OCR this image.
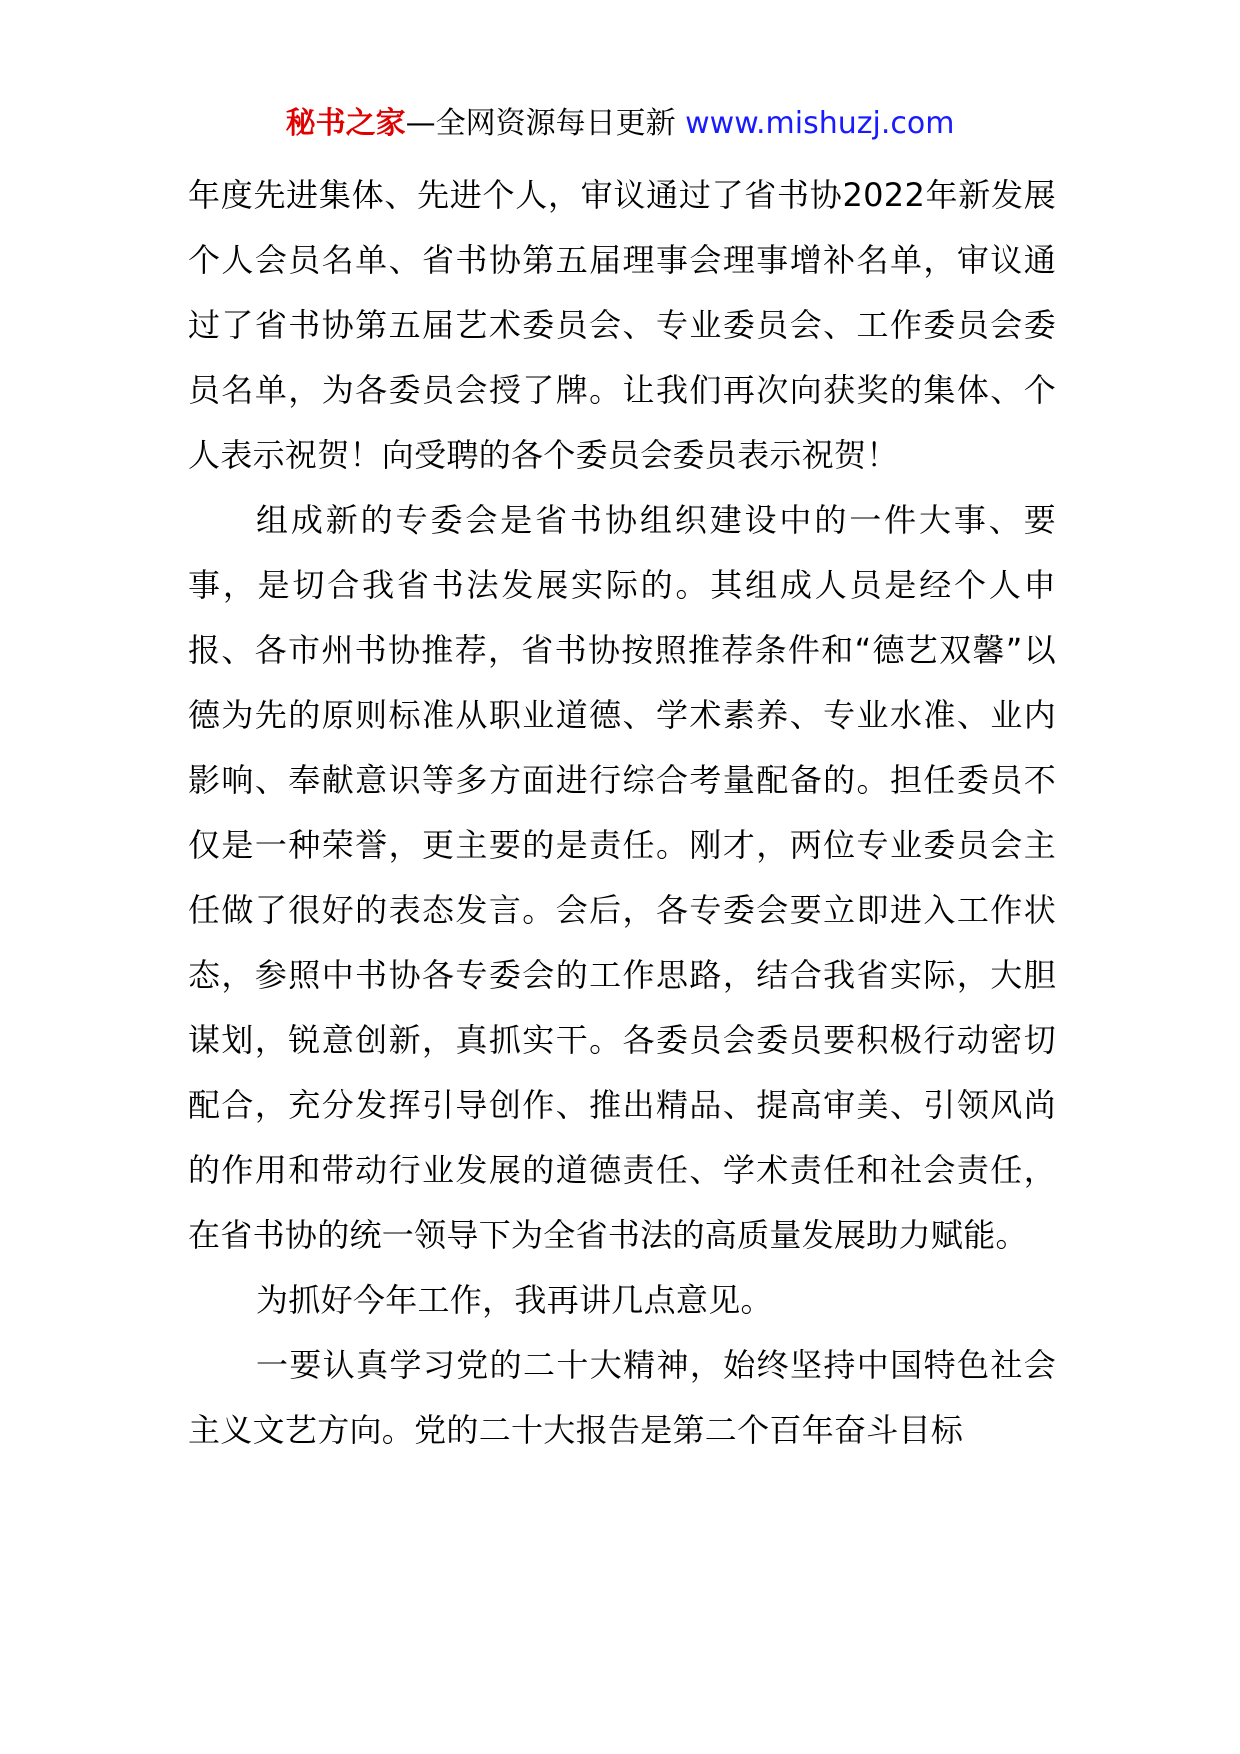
秘书之家—全网资源每日更新 www.mishuzj.com

年度先进集体、先进个人，审议通过了省书协2022年新发展个人会员名单、省书协第五届理事会理事增补名单，审议通过了省书协第五届艺术委员会、专业委员会、工作委员会委员名单，为各委员会授了牌。让我们再次向获奖的集体、个人表示祝贺！向受聘的各个委员会委员表示祝贺！

组成新的专委会是省书协组织建设中的一件大事、要事，是切合我省书法发展实际的。其组成人员是经个人申报、各市州书协推荐，省书协按照推荐条件和“德艺双馨”以德为先的原则标准从职业道德、学术素养、专业水准、业内影响、奉献意识等多方面进行综合考量配备的。担任委员不仅是一种荣誉，更主要的是责任。刚才，两位专业委员会主任做了很好的表态发言。会后，各专委会要立即进入工作状态，参照中书协各专委会的工作思路，结合我省实际，大胆谋划，锐意创新，真抓实干。各委员会委员要积极行动密切配合，充分发挥引导创作、推出精品、提高审美、引领风尚的作用和带动行业发展的道德责任、学术责任和社会责任，在省书协的统一领导下为全省书法的高质量发展助力赋能。

为抓好今年工作，我再讲几点意见。

一要认真学习党的二十大精神，始终坚持中国特色社会主义文艺方向。党的二十大报告是第二个百年奋斗目标
